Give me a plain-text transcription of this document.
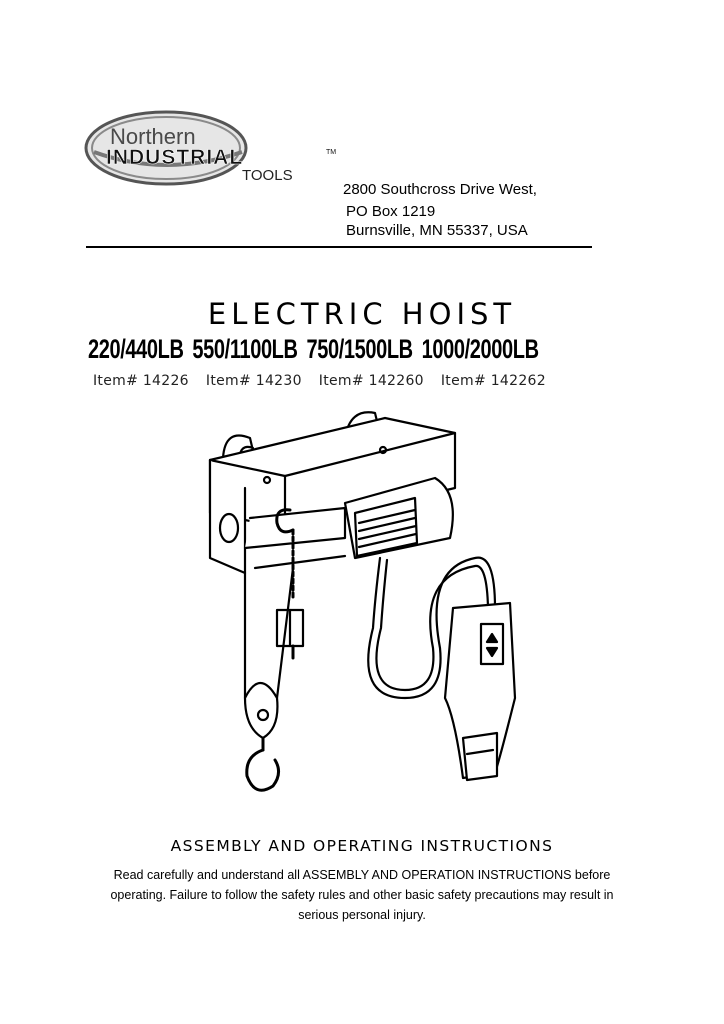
Northern
INDUSTRIAL	TM
TOOLS
2800 Southcross Drive West,
PO Box 1219
Burnsville, MN 55337, USA
ELECTRIC HOIST
220/440LB 550/1100LB 750/1500LB 1000/2000LB
Item# 14226 Item# 14230 Item# 142260 Item# 142262
ASSEMBLY AND OPERATING INSTRUCTIONS
Read carefully and understand all ASSEMBLY AND OPERATION INSTRUCTIONS before operating. Failure to follow the safety rules and other basic safety precautions may result in serious personal injury.
